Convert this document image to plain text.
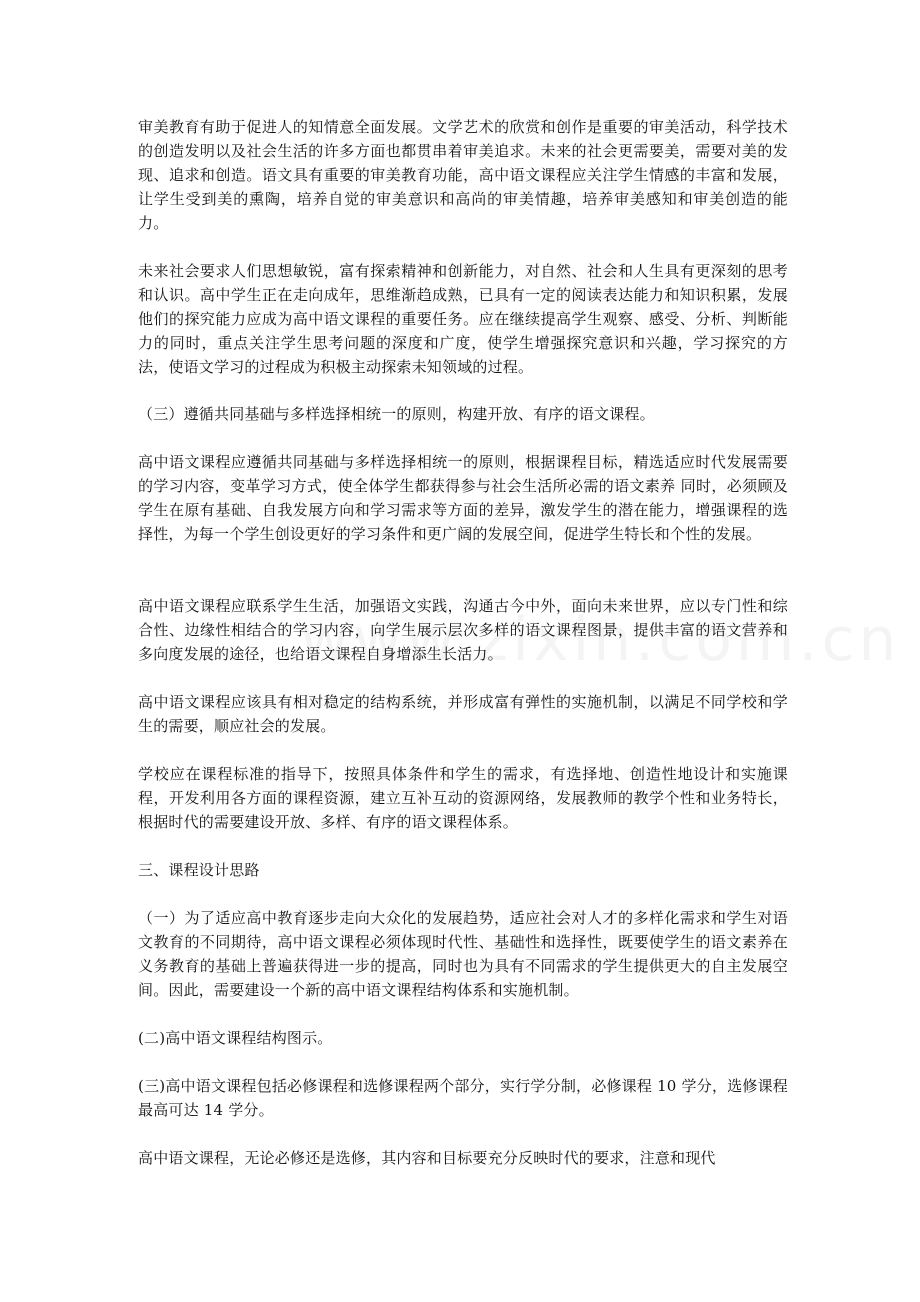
审美教育有助于促进人的知情意全面发展。文学艺术的欣赏和创作是重要的审美活动，科学技术的创造发明以及社会生活的许多方面也都贯串着审美追求。未来的社会更需要美，需要对美的发现、追求和创造。语文具有重要的审美教育功能，高中语文课程应关注学生情感的丰富和发展，让学生受到美的熏陶，培养自觉的审美意识和高尚的审美情趣，培养审美感知和审美创造的能力。

未来社会要求人们思想敏锐，富有探索精神和创新能力，对自然、社会和人生具有更深刻的思考和认识。高中学生正在走向成年，思维渐趋成熟，已具有一定的阅读表达能力和知识积累，发展他们的探究能力应成为高中语文课程的重要任务。应在继续提高学生观察、感受、分析、判断能力的同时，重点关注学生思考问题的深度和广度，使学生增强探究意识和兴趣，学习探究的方法，使语文学习的过程成为积极主动探索未知领域的过程。

（三）遵循共同基础与多样选择相统一的原则，构建开放、有序的语文课程。

高中语文课程应遵循共同基础与多样选择相统一的原则，根据课程目标，精选适应时代发展需要的学习内容，变革学习方式，使全体学生都获得参与社会生活所必需的语文素养 同时，必须顾及学生在原有基础、自我发展方向和学习需求等方面的差异，激发学生的潜在能力，增强课程的选择性，为每一个学生创设更好的学习条件和更广阔的发展空间，促进学生特长和个性的发展。

高中语文课程应联系学生生活，加强语文实践，沟通古今中外，面向未来世界，应以专门性和综合性、边缘性相结合的学习内容，向学生展示层次多样的语文课程图景，提供丰富的语文营养和多向度发展的途径，也给语文课程自身增添生长活力。

高中语文课程应该具有相对稳定的结构系统，并形成富有弹性的实施机制，以满足不同学校和学生的需要，顺应社会的发展。

学校应在课程标准的指导下，按照具体条件和学生的需求，有选择地、创造性地设计和实施课程，开发利用各方面的课程资源，建立互补互动的资源网络，发展教师的教学个性和业务特长，根据时代的需要建设开放、多样、有序的语文课程体系。

三、课程设计思路

（一）为了适应高中教育逐步走向大众化的发展趋势，适应社会对人才的多样化需求和学生对语文教育的不同期待，高中语文课程必须体现时代性、基础性和选择性，既要使学生的语文素养在义务教育的基础上普遍获得进一步的提高，同时也为具有不同需求的学生提供更大的自主发展空间。因此，需要建设一个新的高中语文课程结构体系和实施机制。

(二)高中语文课程结构图示。

(三)高中语文课程包括必修课程和选修课程两个部分，实行学分制，必修课程 10 学分，选修课程最高可达 14 学分。

高中语文课程，无论必修还是选修，其内容和目标要充分反映时代的要求，注意和现代
